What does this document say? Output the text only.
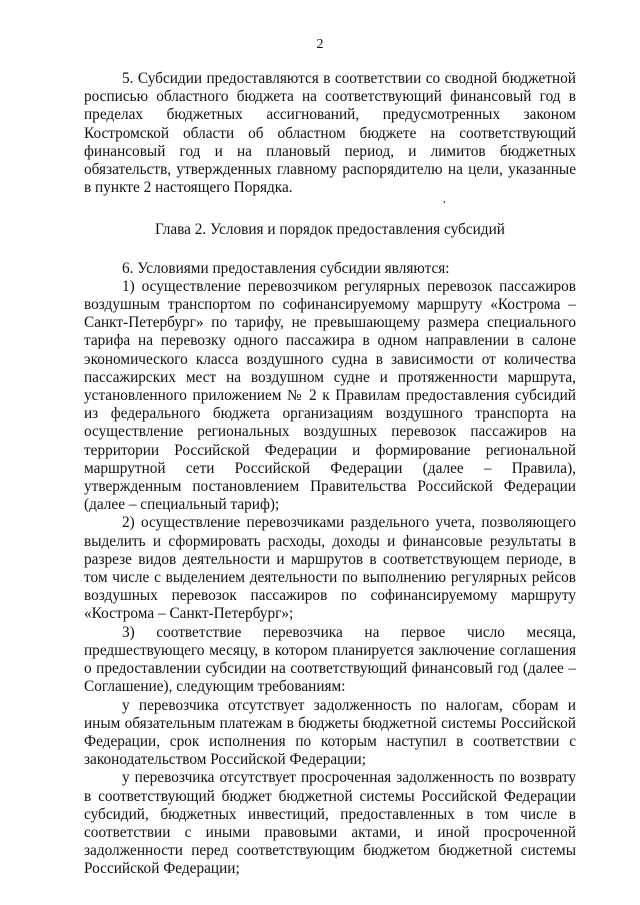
2
,

5. Субсидии предоставляются в соответствии со сводной бюджетной росписью областного бюджета на соответствующий финансовый год в пределах бюджетных ассигнований, предусмотренных законом Костромской области об областном бюджете на соответствующий финансовый год и на плановый период, и лимитов бюджетных обязательств, утвержденных главному распорядителю на цели, указанные в пункте 2 настоящего Порядка.

Глава 2. Условия и порядок предоставления субсидий

6. Условиями предоставления субсидии являются:

1) осуществление перевозчиком регулярных перевозок пассажиров воздушным транспортом по софинансируемому маршруту «Кострома – Санкт-Петербург» по тарифу, не превышающему размера специального тарифа на перевозку одного пассажира в одном направлении в салоне экономического класса воздушного судна в зависимости от количества пассажирских мест на воздушном судне и протяженности маршрута, установленного приложением № 2 к Правилам предоставления субсидий из федерального бюджета организациям воздушного транспорта на осуществление региональных воздушных перевозок пассажиров на территории Российской Федерации и формирование региональной маршрутной сети Российской Федерации (далее – Правила), утвержденным постановлением Правительства Российской Федерации (далее – специальный тариф);

2) осуществление перевозчиками раздельного учета, позволяющего выделить и сформировать расходы, доходы и финансовые результаты в разрезе видов деятельности и маршрутов в соответствующем периоде, в том числе с выделением деятельности по выполнению регулярных рейсов воздушных перевозок пассажиров по софинансируемому маршруту «Кострома – Санкт-Петербург»;

3) соответствие перевозчика на первое число месяца, предшествующего месяцу, в котором планируется заключение соглашения о предоставлении субсидии на соответствующий финансовый год (далее – Соглашение), следующим требованиям:

у перевозчика отсутствует задолженность по налогам, сборам и иным обязательным платежам в бюджеты бюджетной системы Российской Федерации, срок исполнения по которым наступил в соответствии с законодательством Российской Федерации;

у перевозчика отсутствует просроченная задолженность по возврату в соответствующий бюджет бюджетной системы Российской Федерации субсидий, бюджетных инвестиций, предоставленных в том числе в соответствии с иными правовыми актами, и иной просроченной задолженности перед соответствующим бюджетом бюджетной системы Российской Федерации;
